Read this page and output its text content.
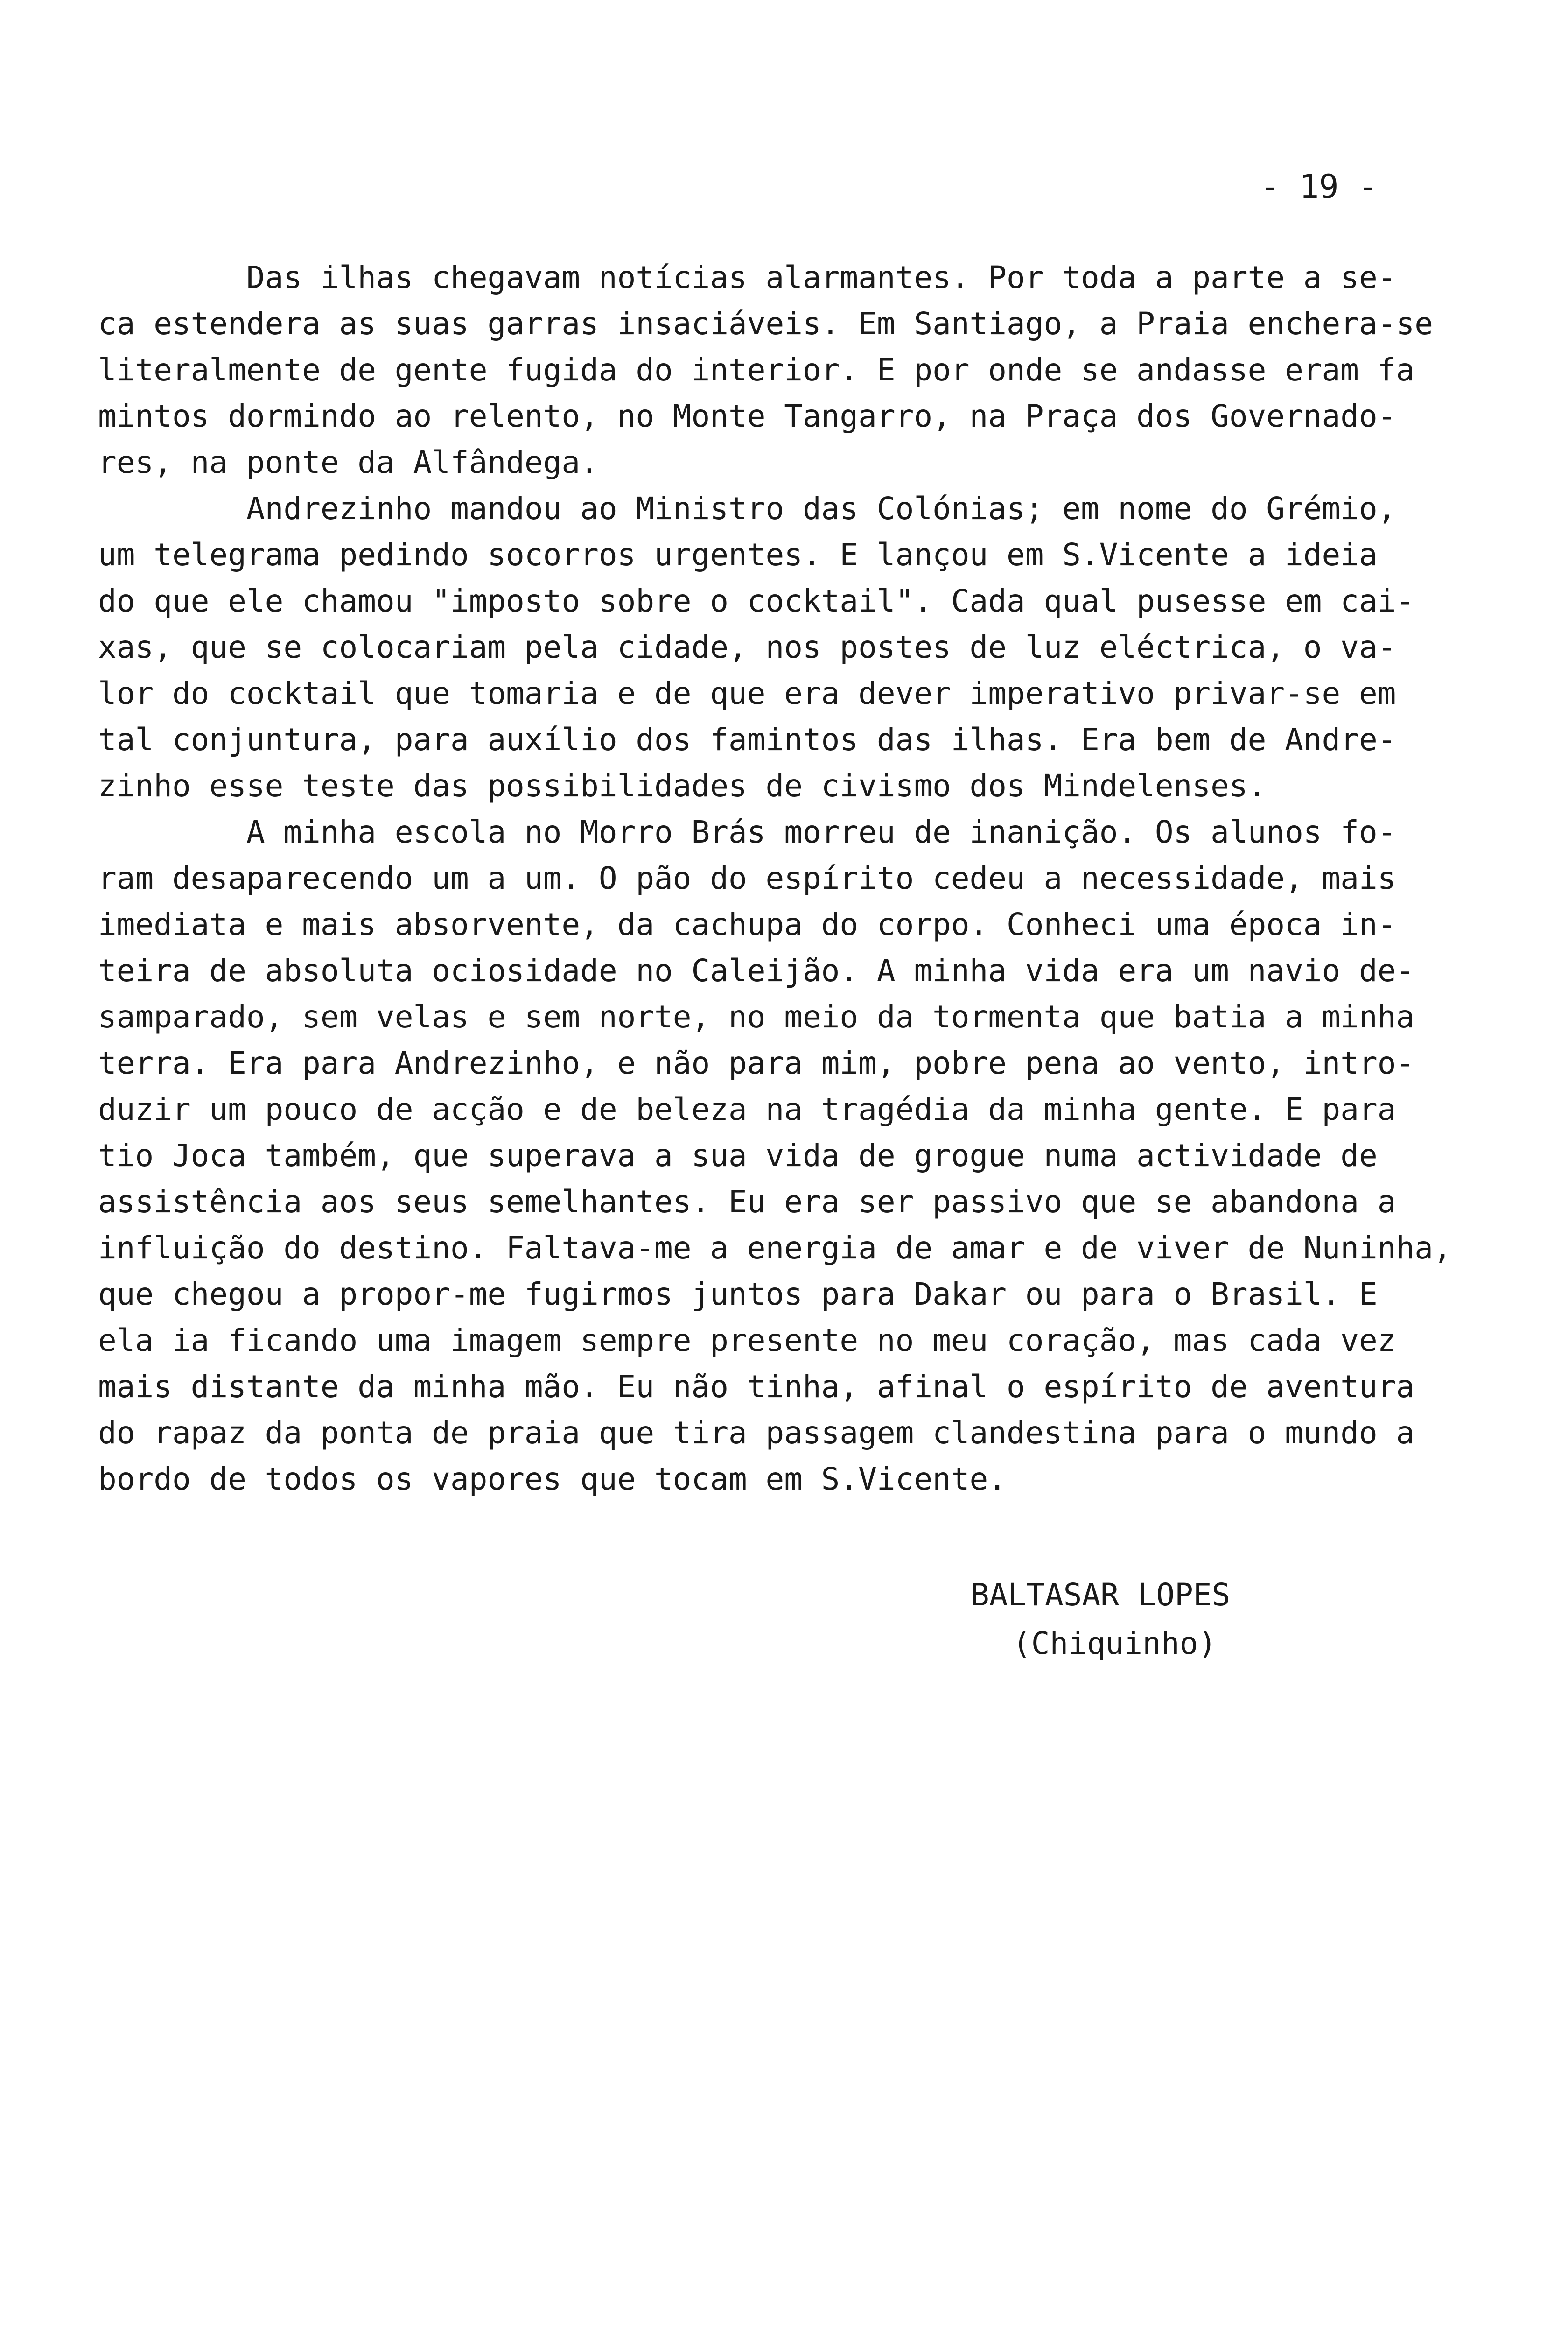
- 19 -
Das ilhas chegavam notícias alarmantes. Por toda a parte a se-
ca estendera as suas garras insaciáveis. Em Santiago, a Praia enchera-se
literalmente de gente fugida do interior. E por onde se andasse eram fa
mintos dormindo ao relento, no Monte Tangarro, na Praça dos Governado-
res, na ponte da Alfândega.
Andrezinho mandou ao Ministro das Colónias; em nome do Grémio,
um telegrama pedindo socorros urgentes. E lançou em S.Vicente a ideia
do que ele chamou "imposto sobre o cocktail". Cada qual pusesse em cai-
xas, que se colocariam pela cidade, nos postes de luz eléctrica, o va-
lor do cocktail que tomaria e de que era dever imperativo privar-se em
tal conjuntura, para auxílio dos famintos das ilhas. Era bem de Andre-
zinho esse teste das possibilidades de civismo dos Mindelenses.
A minha escola no Morro Brás morreu de inanição. Os alunos fo-
ram desaparecendo um a um. O pão do espírito cedeu a necessidade, mais
imediata e mais absorvente, da cachupa do corpo. Conheci uma época in-
teira de absoluta ociosidade no Caleijão. A minha vida era um navio de-
samparado, sem velas e sem norte, no meio da tormenta que batia a minha
terra. Era para Andrezinho, e não para mim, pobre pena ao vento, intro-
duzir um pouco de acção e de beleza na tragédia da minha gente. E para
tio Joca também, que superava a sua vida de grogue numa actividade de
assistência aos seus semelhantes. Eu era ser passivo que se abandona a
influição do destino. Faltava-me a energia de amar e de viver de Nuninha,
que chegou a propor-me fugirmos juntos para Dakar ou para o Brasil. E
ela ia ficando uma imagem sempre presente no meu coração, mas cada vez
mais distante da minha mão. Eu não tinha, afinal o espírito de aventura
do rapaz da ponta de praia que tira passagem clandestina para o mundo a
bordo de todos os vapores que tocam em S.Vicente.
BALTASAR LOPES
(Chiquinho)
